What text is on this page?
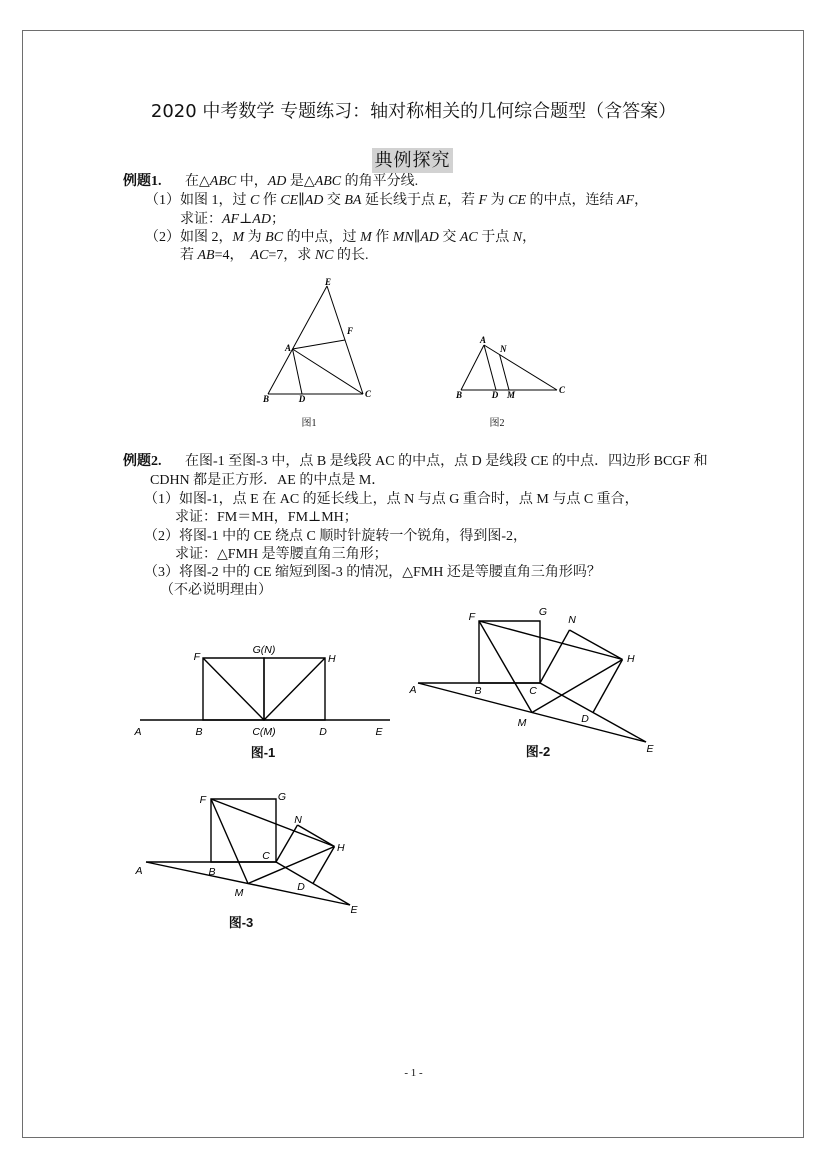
2020 中考数学 专题练习：轴对称相关的几何综合题型（含答案）
典例探究
例题1. 在△ABC 中，AD 是△ABC 的角平分线.
（1）如图 1，过 C 作 CE∥AD 交 BA 延长线于点 E，若 F 为 CE 的中点，连结 AF，
求证：AF⊥AD；
（2）如图 2，M 为 BC 的中点，过 M 作 MN∥AD 交 AC 于点 N，
若 AB=4，  AC=7，求 NC 的长.
E
A
F
B	D	C
图1
A
N
B	D M	C
图2
例题2. 在图-1 至图-3 中，点 B 是线段 AC 的中点，点 D 是线段 CE 的中点．四边形 BCGF 和
CDHN 都是正方形．AE 的中点是 M．
（1）如图-1，点 E 在 AC 的延长线上，点 N 与点 G 重合时，点 M 与点 C 重合，
求证：FM＝MH，FM⊥MH；
（2）将图-1 中的 CE 绕点 C 顺时针旋转一个锐角，得到图-2，
求证：△FMH 是等腰直角三角形；
（3）将图-2 中的 CE 缩短到图-3 的情况，△FMH 还是等腰直角三角形吗？
（不必说明理由）
F
G(N)
H
A	B	C(M)	D	E
图-1
F	G
N
H
A	B	C
M	D
E
图-2
F	G
N
C
H
A	B
M	D
E
图-3
- 1 -
